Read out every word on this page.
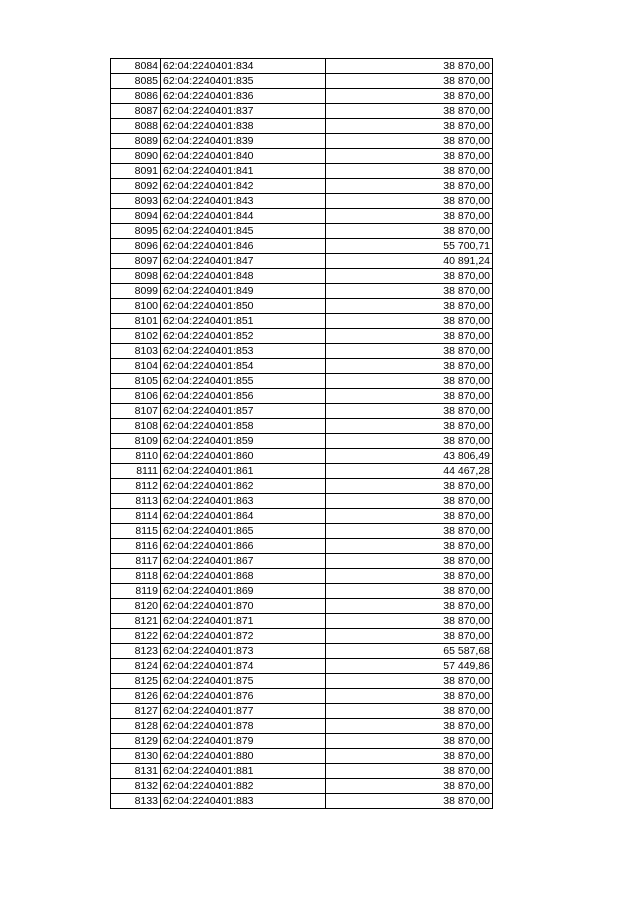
8084	62:04:2240401:834	38 870,00
8085	62:04:2240401:835	38 870,00
8086	62:04:2240401:836	38 870,00
8087	62:04:2240401:837	38 870,00
8088	62:04:2240401:838	38 870,00
8089	62:04:2240401:839	38 870,00
8090	62:04:2240401:840	38 870,00
8091	62:04:2240401:841	38 870,00
8092	62:04:2240401:842	38 870,00
8093	62:04:2240401:843	38 870,00
8094	62:04:2240401:844	38 870,00
8095	62:04:2240401:845	38 870,00
8096	62:04:2240401:846	55 700,71
8097	62:04:2240401:847	40 891,24
8098	62:04:2240401:848	38 870,00
8099	62:04:2240401:849	38 870,00
8100	62:04:2240401:850	38 870,00
8101	62:04:2240401:851	38 870,00
8102	62:04:2240401:852	38 870,00
8103	62:04:2240401:853	38 870,00
8104	62:04:2240401:854	38 870,00
8105	62:04:2240401:855	38 870,00
8106	62:04:2240401:856	38 870,00
8107	62:04:2240401:857	38 870,00
8108	62:04:2240401:858	38 870,00
8109	62:04:2240401:859	38 870,00
8110	62:04:2240401:860	43 806,49
8111	62:04:2240401:861	44 467,28
8112	62:04:2240401:862	38 870,00
8113	62:04:2240401:863	38 870,00
8114	62:04:2240401:864	38 870,00
8115	62:04:2240401:865	38 870,00
8116	62:04:2240401:866	38 870,00
8117	62:04:2240401:867	38 870,00
8118	62:04:2240401:868	38 870,00
8119	62:04:2240401:869	38 870,00
8120	62:04:2240401:870	38 870,00
8121	62:04:2240401:871	38 870,00
8122	62:04:2240401:872	38 870,00
8123	62:04:2240401:873	65 587,68
8124	62:04:2240401:874	57 449,86
8125	62:04:2240401:875	38 870,00
8126	62:04:2240401:876	38 870,00
8127	62:04:2240401:877	38 870,00
8128	62:04:2240401:878	38 870,00
8129	62:04:2240401:879	38 870,00
8130	62:04:2240401:880	38 870,00
8131	62:04:2240401:881	38 870,00
8132	62:04:2240401:882	38 870,00
8133	62:04:2240401:883	38 870,00
